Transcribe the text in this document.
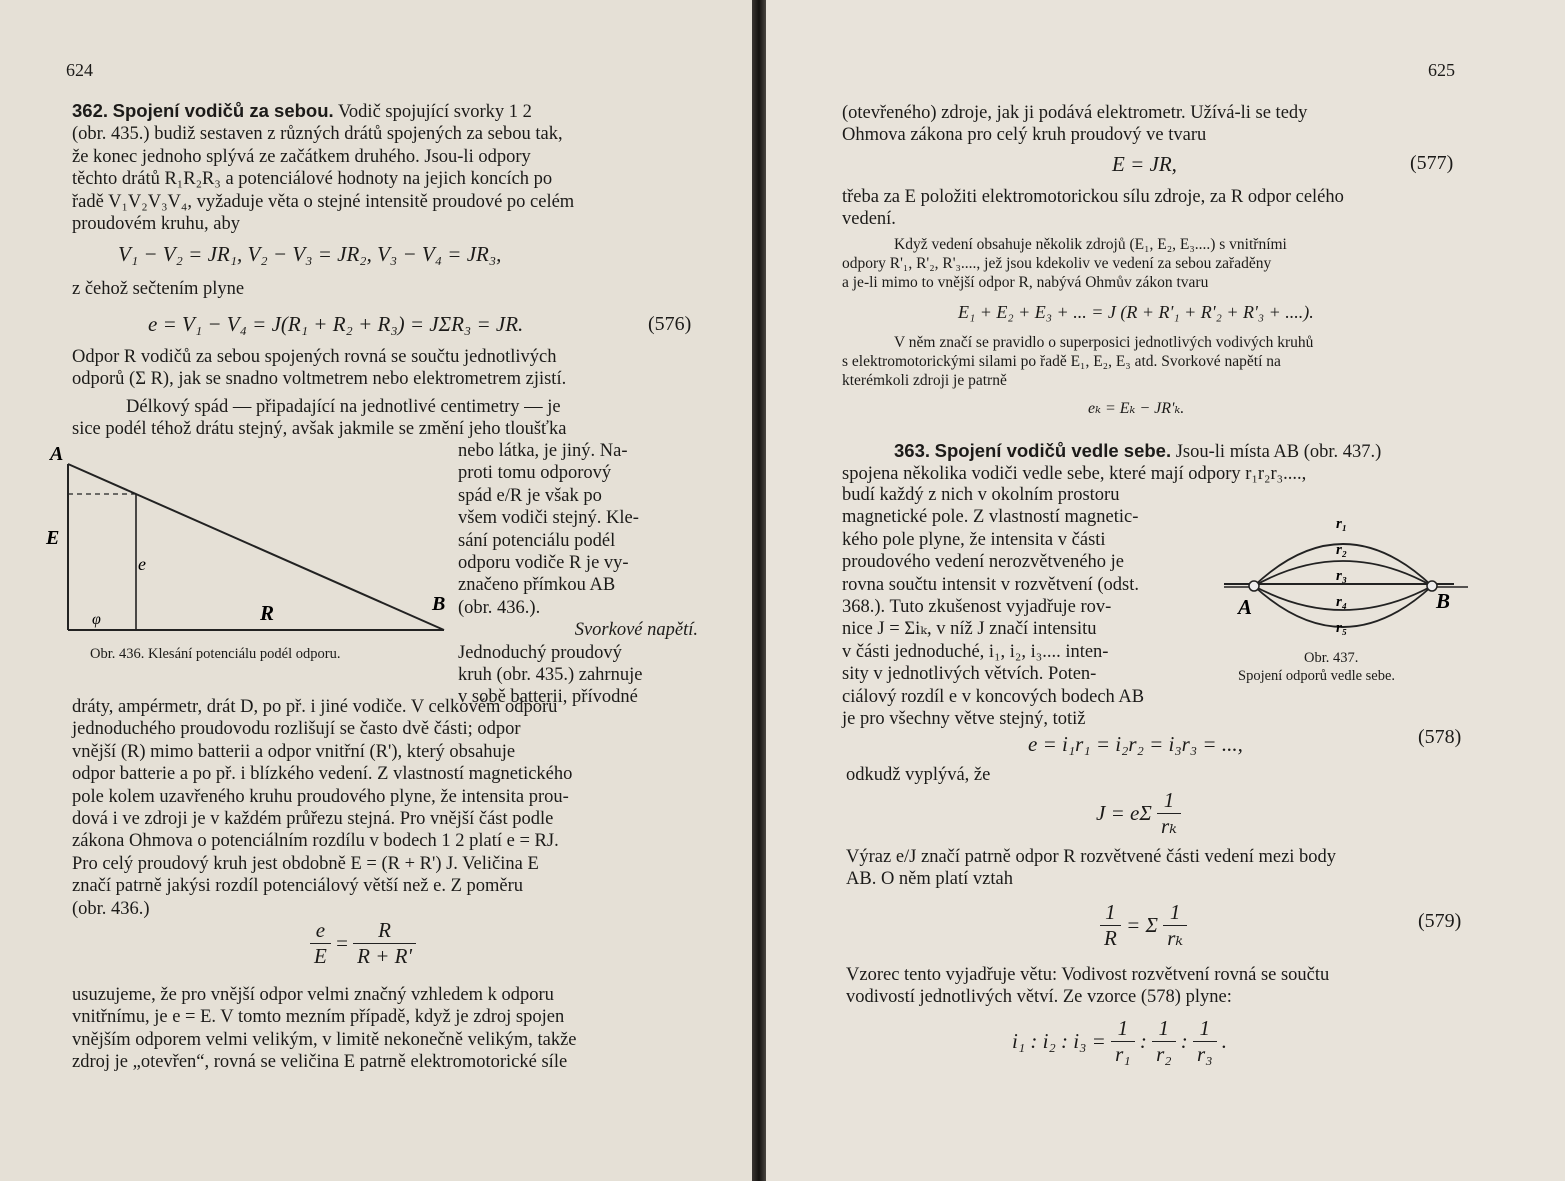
624

362. Spojení vodičů za sebou. Vodič spojující svorky 1 2

(obr. 435.) budiž sestaven z různých drátů spojených za sebou tak,

že konec jednoho splývá ze začátkem druhého. Jsou-li odpory

těchto drátů R₁R₂R₃ a potenciálové hodnoty na jejich koncích po

řadě V₁V₂V₃V₄, vyžaduje věta o stejné intensitě proudové po celém

proudovém kruhu, aby

V₁ − V₂ = JR₁, V₂ − V₃ = JR₂, V₃ − V₄ = JR₃,
z čehož sečtením plyne
e = V₁ − V₄ = J(R₁ + R₂ + R₃) = JΣR₃ = JR.	(576)

Odpor R vodičů za sebou spojených rovná se součtu jednotlivých

odporů (Σ R), jak se snadno voltmetrem nebo elektrometrem zjistí.

Délkový spád — připadající na jednotlivé centimetry — je

sice podél téhož drátu stejný, avšak jakmile se změní jeho tloušťka

nebo látka, je jiný. Na-

proti tomu odporový

spád e/R je však po

všem vodiči stejný. Kle-

sání potenciálu podél

odporu vodiče R je vy-

značeno přímkou AB

(obr. 436.).

Svorkové napětí.

Jednoduchý proudový

kruh (obr. 435.) zahrnuje

v sobě batterii, přívodné

A
E
e
φ	R	B
Obr. 436. Klesání potenciálu podél odporu.

dráty, ampérmetr, drát D, po př. i jiné vodiče. V celkovém odporu

jednoduchého proudovodu rozlišují se často dvě části; odpor

vnější (R) mimo batterii a odpor vnitřní (R'), který obsahuje

odpor batterie a po př. i blízkého vedení. Z vlastností magnetického

pole kolem uzavřeného kruhu proudového plyne, že intensita prou-

dová i ve zdroji je v každém průřezu stejná. Pro vnější část podle

zákona Ohmova o potenciálním rozdílu v bodech 1 2 platí e = RJ.

Pro celý proudový kruh jest obdobně E = (R + R') J. Veličina E

značí patrně jakýsi rozdíl potenciálový větší než e. Z poměru

(obr. 436.)

$\frac{e}{E} = \frac{R}{R + R'}$

usuzujeme, že pro vnější odpor velmi značný vzhledem k odporu

vnitřnímu, je e = E. V tomto mezním případě, když je zdroj spojen

vnějším odporem velmi velikým, v limitě nekonečně velikým, takže

zdroj je „otevřen“, rovná se veličina E patrně elektromotorické síle

625

(otevřeného) zdroje, jak ji podává elektrometr. Užívá-li se tedy

Ohmova zákona pro celý kruh proudový ve tvaru

E = JR,	(577)

třeba za E položiti elektromotorickou sílu zdroje, za R odpor celého

vedení.

Když vedení obsahuje několik zdrojů (E₁, E₂, E₃....) s vnitřními

odpory R'₁, R'₂, R'₃...., jež jsou kdekoliv ve vedení za sebou zařaděny

a je-li mimo to vnější odpor R, nabývá Ohmův zákon tvaru

E₁ + E₂ + E₃ + ... = J (R + R'₁ + R'₂ + R'₃ + ....).

V něm značí se pravidlo o superposici jednotlivých vodivých kruhů

s elektromotorickými silami po řadě E₁, E₂, E₃ atd. Svorkové napětí na

kterémkoli zdroji je patrně

eₖ = Eₖ − JR'ₖ.

363. Spojení vodičů vedle sebe. Jsou-li místa AB (obr. 437.)

spojena několika vodiči vedle sebe, které mají odpory r₁r₂r₃....,

budí každý z nich v okolním prostoru

magnetické pole. Z vlastností magnetic-

kého pole plyne, že intensita v části

proudového vedení nerozvětveného je

rovna součtu intensit v rozvětvení (odst.

368.). Tuto zkušenost vyjadřuje rov-

nice J = Σiₖ, v níž J značí intensitu

v části jednoduché, i₁, i₂, i₃.... inten-

sity v jednotlivých větvích. Poten-

ciálový rozdíl e v koncových bodech AB

je pro všechny větve stejný, totiž

A	B
r₁
r₂
r₃
r₄
r₅
Obr. 437.
Spojení odporů vedle sebe.
e = i₁r₁ = i₂r₂ = i₃r₃ = ...,	(578)
odkudž vyplývá, že
J = eΣ $\frac{1}{\text{rₖ}}$

Výraz e/J značí patrně odpor R rozvětvené části vedení mezi body

AB. O něm platí vztah

$\frac{1}{R} = \Sigma \frac{1}{\text{rₖ}}$	(579)

Vzorec tento vyjadřuje větu: Vodivost rozvětvení rovná se součtu

vodivostí jednotlivých větví. Ze vzorce (578) plyne:

i₁ : i₂ : $i_3 = \frac{1}{\text{r₁}}$ : $\frac{1}{\text{r₂}}$ : $\frac{1}{\text{r₃}}$ .
